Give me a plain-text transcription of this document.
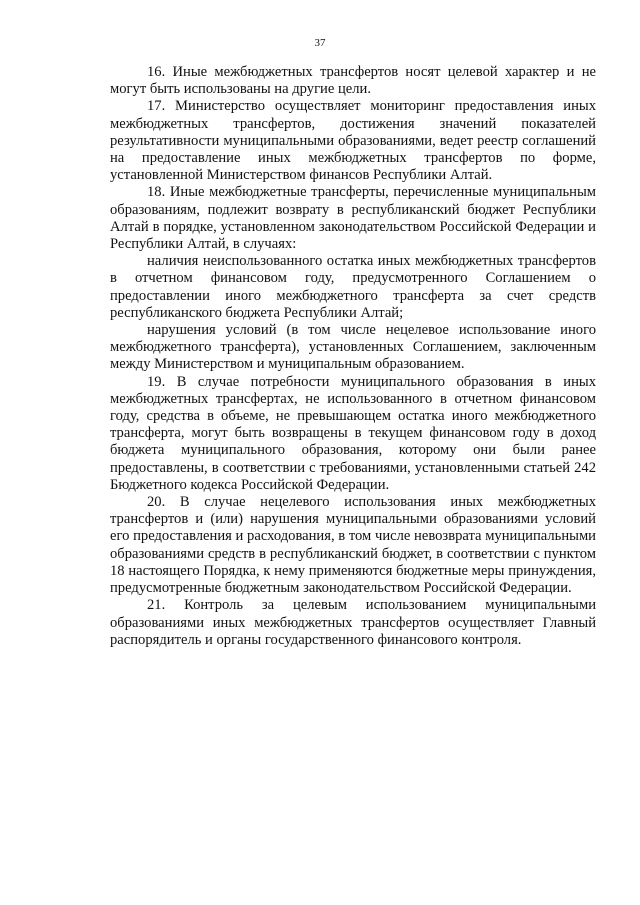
37

16. Иные межбюджетных трансфертов носят целевой характер и не могут быть использованы на другие цели.

17. Министерство осуществляет мониторинг предоставления иных межбюджетных трансфертов, достижения значений показателей результативности муниципальными образованиями, ведет реестр соглашений на предоставление иных межбюджетных трансфертов по форме, установленной Министерством финансов Республики Алтай.

18. Иные межбюджетные трансферты, перечисленные муниципальным образованиям, подлежит возврату в республиканский бюджет Республики Алтай в порядке, установленном законодательством Российской Федерации и Республики Алтай, в случаях:

наличия неиспользованного остатка иных межбюджетных трансфертов в отчетном финансовом году, предусмотренного Соглашением о предоставлении иного межбюджетного трансферта за счет средств республиканского бюджета Республики Алтай;

нарушения условий (в том числе нецелевое использование иного межбюджетного трансферта), установленных Соглашением, заключенным между Министерством и муниципальным образованием.

19. В случае потребности муниципального образования в иных межбюджетных трансфертах, не использованного в отчетном финансовом году, средства в объеме, не превышающем остатка иного межбюджетного трансферта, могут быть возвращены в текущем финансовом году в доход бюджета муниципального образования, которому они были ранее предоставлены, в соответствии с требованиями, установленными статьей 242 Бюджетного кодекса Российской Федерации.

20. В случае нецелевого использования иных межбюджетных трансфертов и (или) нарушения муниципальными образованиями условий его предоставления и расходования, в том числе невозврата муниципальными образованиями средств в республиканский бюджет, в соответствии с пунктом 18 настоящего Порядка, к нему применяются бюджетные меры принуждения, предусмотренные бюджетным законодательством Российской Федерации.

21. Контроль за целевым использованием муниципальными образованиями иных межбюджетных трансфертов осуществляет Главный распорядитель и органы государственного финансового контроля.
